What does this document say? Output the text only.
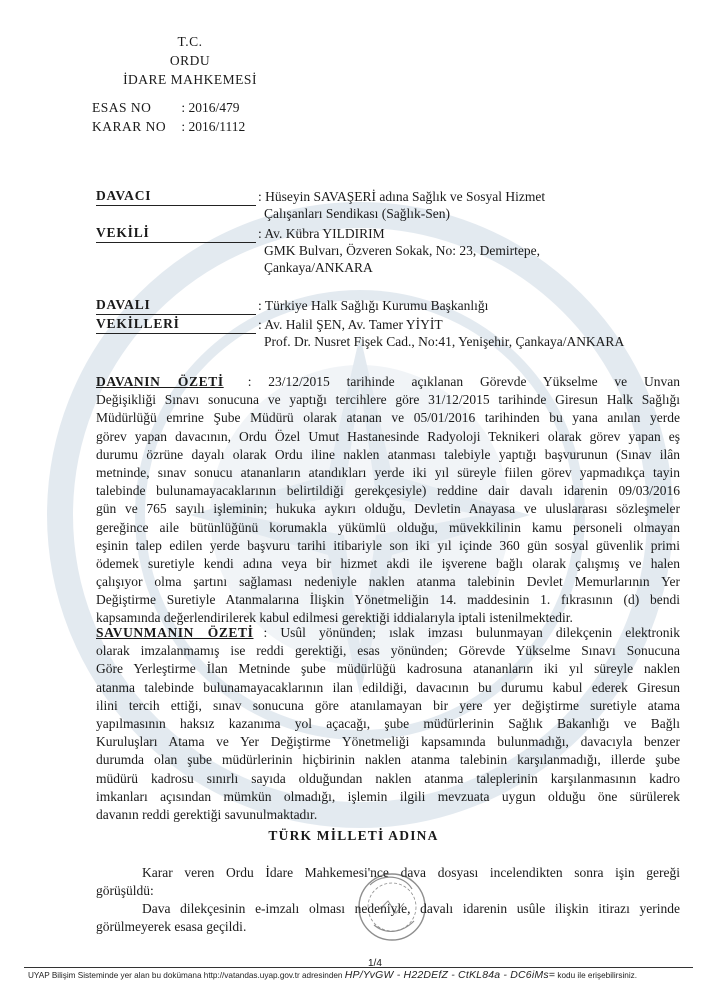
T.C.
ORDU
İDARE MAHKEMESİ
ESAS NO : 2016/479
KARAR NO : 2016/1112
DAVACI	: Hüseyin SAVAŞERİ adına Sağlık ve Sosyal Hizmet
Çalışanları Sendikası (Sağlık-Sen)
VEKİLİ	: Av. Kübra YILDIRIM
GMK Bulvarı, Özveren Sokak, No: 23, Demirtepe,
Çankaya/ANKARA
DAVALI	: Türkiye Halk Sağlığı Kurumu Başkanlığı
VEKİLLERİ	: Av. Halil ŞEN, Av. Tamer YİYİT
Prof. Dr. Nusret Fişek Cad., No:41, Yenişehir, Çankaya/ANKARA
DAVANIN ÖZETİ : 23/12/2015 tarihinde açıklanan Görevde Yükselme ve Unvan
Değişikliği Sınavı sonucuna ve yaptığı tercihlere göre 31/12/2015 tarihinde Giresun Halk Sağlığı
Müdürlüğü emrine Şube Müdürü olarak atanan ve 05/01/2016 tarihinden bu yana anılan yerde
görev yapan davacının, Ordu Özel Umut Hastanesinde Radyoloji Teknikeri olarak görev yapan eş
durumu özrüne dayalı olarak Ordu iline naklen atanması talebiyle yaptığı başvurunun (Sınav ilân
metninde, sınav sonucu atananların atandıkları yerde iki yıl süreyle fiilen görev yapmadıkça tayin
talebinde bulunamayacaklarının belirtildiği gerekçesiyle) reddine dair davalı idarenin 09/03/2016
gün ve 765 sayılı işleminin; hukuka aykırı olduğu, Devletin Anayasa ve uluslararası sözleşmeler
gereğince aile bütünlüğünü korumakla yükümlü olduğu, müvekkilinin kamu personeli olmayan
eşinin talep edilen yerde başvuru tarihi itibariyle son iki yıl içinde 360 gün sosyal güvenlik primi
ödemek suretiyle kendi adına veya bir hizmet akdi ile işverene bağlı olarak çalışmış ve halen
çalışıyor olma şartını sağlaması nedeniyle naklen atanma talebinin Devlet Memurlarının Yer
Değiştirme Suretiyle Atanmalarına İlişkin Yönetmeliğin 14. maddesinin 1. fıkrasının (d) bendi
kapsamında değerlendirilerek kabul edilmesi gerektiği iddialarıyla iptali istenilmektedir.
SAVUNMANIN ÖZETİ : Usûl yönünden; ıslak imzası bulunmayan dilekçenin elektronik
olarak imzalanmamış ise reddi gerektiği, esas yönünden; Görevde Yükselme Sınavı Sonucuna
Göre Yerleştirme İlan Metninde şube müdürlüğü kadrosuna atananların iki yıl süreyle naklen
atanma talebinde bulunamayacaklarının ilan edildiği, davacının bu durumu kabul ederek Giresun
ilini tercih ettiği, sınav sonucuna göre atanılamayan bir yere yer değiştirme suretiyle atama
yapılmasının haksız kazanıma yol açacağı, şube müdürlerinin Sağlık Bakanlığı ve Bağlı
Kuruluşları Atama ve Yer Değiştirme Yönetmeliği kapsamında bulunmadığı, davacıyla benzer
durumda olan şube müdürlerinin hiçbirinin naklen atanma talebinin karşılanmadığı, illerde şube
müdürü kadrosu sınırlı sayıda olduğundan naklen atanma taleplerinin karşılanmasının kadro
imkanları açısından mümkün olmadığı, işlemin ilgili mevzuata uygun olduğu öne sürülerek
davanın reddi gerektiği savunulmaktadır.
TÜRK MİLLETİ ADINA
Karar veren Ordu İdare Mahkemesi'nce dava dosyası incelendikten sonra işin gereği
görüşüldü:
Dava dilekçesinin e-imzalı olması nedeniyle, davalı idarenin usûle ilişkin itirazı yerinde
görülmeyerek esasa geçildi.
1/4
UYAP Bilişim Sisteminde yer alan bu dokümana http://vatandas.uyap.gov.tr adresinden HP/YvGW - H22DEfZ - CtKL84a - DC6iMs= kodu ile erişebilirsiniz.
